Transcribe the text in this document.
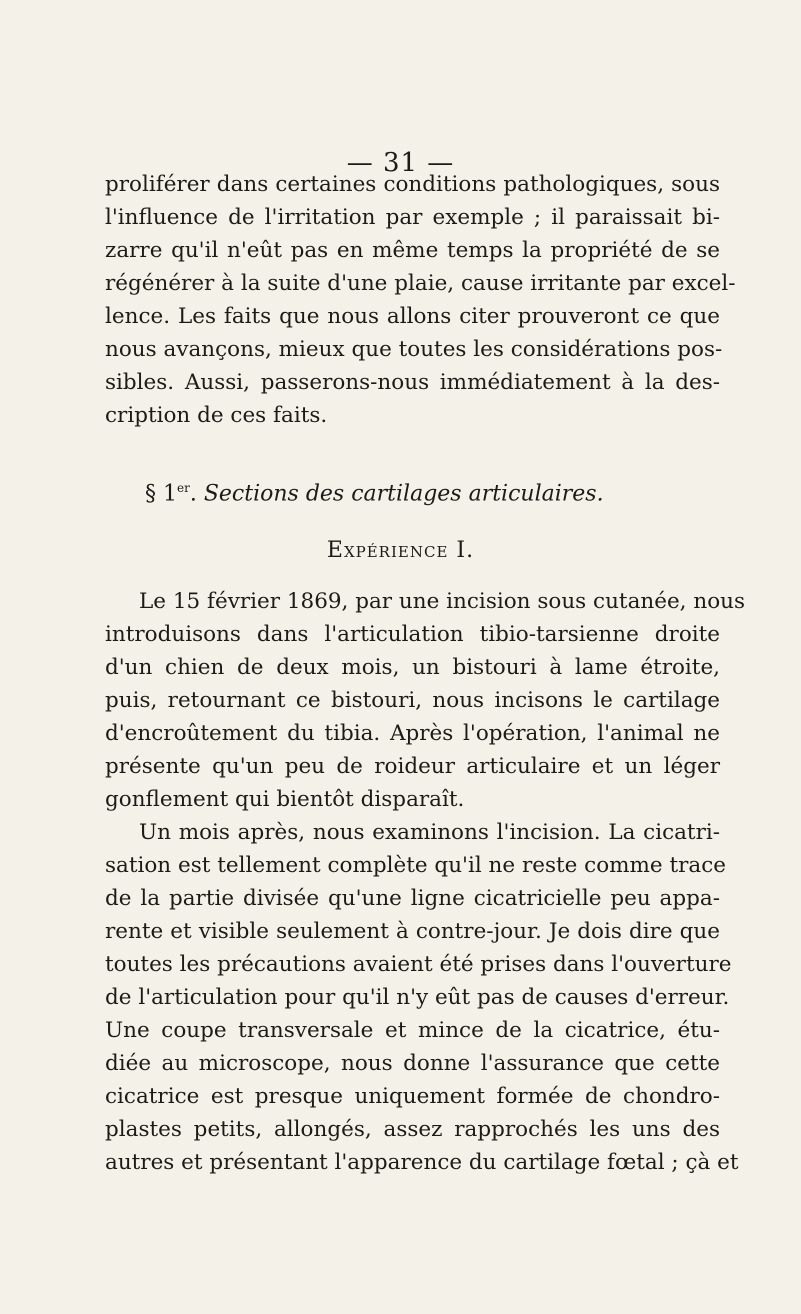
— 31 —
proliférer dans certaines conditions pathologiques, sous
l'influence de l'irritation par exemple ; il paraissait bi-
zarre qu'il n'eût pas en même temps la propriété de se
régénérer à la suite d'une plaie, cause irritante par excel-
lence. Les faits que nous allons citer prouveront ce que
nous avançons, mieux que toutes les considérations pos-
sibles. Aussi, passerons-nous immédiatement à la des-
cription de ces faits.
§ 1er. Sections des cartilages articulaires.
Expérience I.
Le 15 février 1869, par une incision sous cutanée, nous
introduisons dans l'articulation tibio-tarsienne droite
d'un chien de deux mois, un bistouri à lame étroite,
puis, retournant ce bistouri, nous incisons le cartilage
d'encroûtement du tibia. Après l'opération, l'animal ne
présente qu'un peu de roideur articulaire et un léger
gonflement qui bientôt disparaît.
Un mois après, nous examinons l'incision. La cicatri-
sation est tellement complète qu'il ne reste comme trace
de la partie divisée qu'une ligne cicatricielle peu appa-
rente et visible seulement à contre-jour. Je dois dire que
toutes les précautions avaient été prises dans l'ouverture
de l'articulation pour qu'il n'y eût pas de causes d'erreur.
Une coupe transversale et mince de la cicatrice, étu-
diée au microscope, nous donne l'assurance que cette
cicatrice est presque uniquement formée de chondro-
plastes petits, allongés, assez rapprochés les uns des
autres et présentant l'apparence du cartilage fœtal ; çà et
